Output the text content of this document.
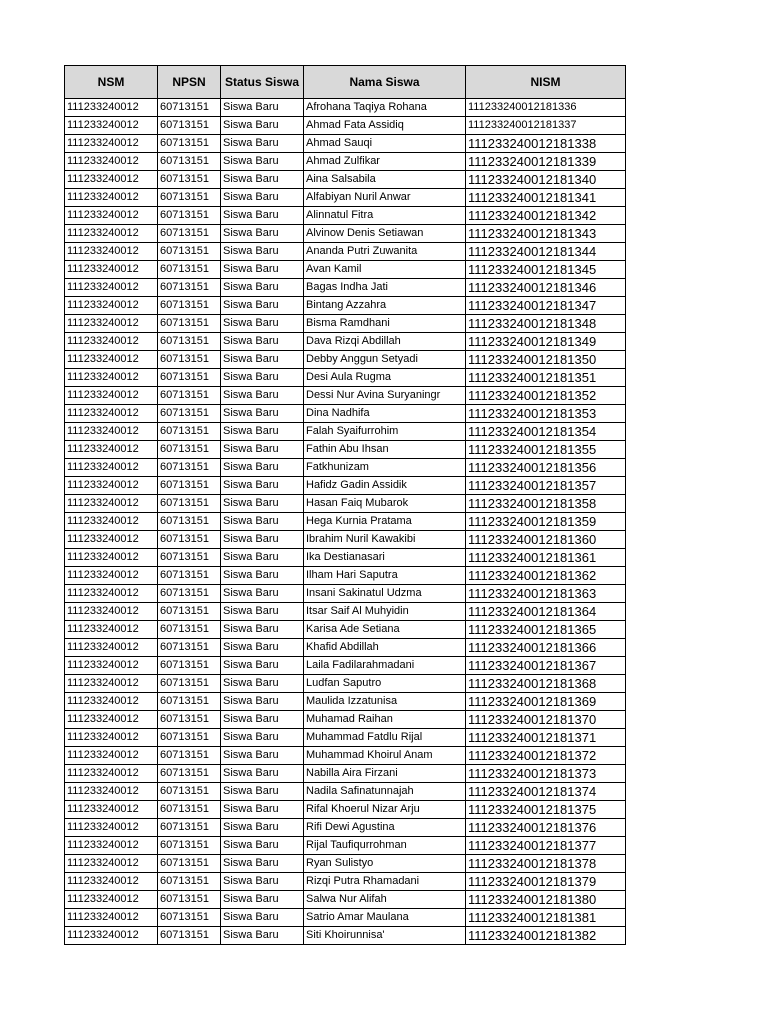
NSM	NPSN	Status Siswa	Nama Siswa	NISM
111233240012	60713151	Siswa Baru	Afrohana Taqiya Rohana	111233240012181336
111233240012	60713151	Siswa Baru	Ahmad Fata Assidiq	111233240012181337
111233240012	60713151	Siswa Baru	Ahmad Sauqi	111233240012181338
111233240012	60713151	Siswa Baru	Ahmad Zulfikar	111233240012181339
111233240012	60713151	Siswa Baru	Aina Salsabila	111233240012181340
111233240012	60713151	Siswa Baru	Alfabiyan Nuril Anwar	111233240012181341
111233240012	60713151	Siswa Baru	Alinnatul Fitra	111233240012181342
111233240012	60713151	Siswa Baru	Alvinow Denis Setiawan	111233240012181343
111233240012	60713151	Siswa Baru	Ananda Putri Zuwanita	111233240012181344
111233240012	60713151	Siswa Baru	Avan Kamil	111233240012181345
111233240012	60713151	Siswa Baru	Bagas Indha Jati	111233240012181346
111233240012	60713151	Siswa Baru	Bintang Azzahra	111233240012181347
111233240012	60713151	Siswa Baru	Bisma Ramdhani	111233240012181348
111233240012	60713151	Siswa Baru	Dava Rizqi Abdillah	111233240012181349
111233240012	60713151	Siswa Baru	Debby Anggun Setyadi	111233240012181350
111233240012	60713151	Siswa Baru	Desi Aula Rugma	111233240012181351
111233240012	60713151	Siswa Baru	Dessi Nur Avina Suryaningr	111233240012181352
111233240012	60713151	Siswa Baru	Dina Nadhifa	111233240012181353
111233240012	60713151	Siswa Baru	Falah Syaifurrohim	111233240012181354
111233240012	60713151	Siswa Baru	Fathin Abu Ihsan	111233240012181355
111233240012	60713151	Siswa Baru	Fatkhunizam	111233240012181356
111233240012	60713151	Siswa Baru	Hafidz Gadin Assidik	111233240012181357
111233240012	60713151	Siswa Baru	Hasan Faiq Mubarok	111233240012181358
111233240012	60713151	Siswa Baru	Hega Kurnia Pratama	111233240012181359
111233240012	60713151	Siswa Baru	Ibrahim Nuril Kawakibi	111233240012181360
111233240012	60713151	Siswa Baru	Ika Destianasari	111233240012181361
111233240012	60713151	Siswa Baru	Ilham Hari Saputra	111233240012181362
111233240012	60713151	Siswa Baru	Insani Sakinatul Udzma	111233240012181363
111233240012	60713151	Siswa Baru	Itsar Saif Al Muhyidin	111233240012181364
111233240012	60713151	Siswa Baru	Karisa Ade Setiana	111233240012181365
111233240012	60713151	Siswa Baru	Khafid Abdillah	111233240012181366
111233240012	60713151	Siswa Baru	Laila Fadilarahmadani	111233240012181367
111233240012	60713151	Siswa Baru	Ludfan Saputro	111233240012181368
111233240012	60713151	Siswa Baru	Maulida Izzatunisa	111233240012181369
111233240012	60713151	Siswa Baru	Muhamad Raihan	111233240012181370
111233240012	60713151	Siswa Baru	Muhammad Fatdlu Rijal	111233240012181371
111233240012	60713151	Siswa Baru	Muhammad Khoirul Anam	111233240012181372
111233240012	60713151	Siswa Baru	Nabilla Aira Firzani	111233240012181373
111233240012	60713151	Siswa Baru	Nadila Safinatunnajah	111233240012181374
111233240012	60713151	Siswa Baru	Rifal Khoerul Nizar Arju	111233240012181375
111233240012	60713151	Siswa Baru	Rifi Dewi Agustina	111233240012181376
111233240012	60713151	Siswa Baru	Rijal Taufiqurrohman	111233240012181377
111233240012	60713151	Siswa Baru	Ryan Sulistyo	111233240012181378
111233240012	60713151	Siswa Baru	Rizqi Putra Rhamadani	111233240012181379
111233240012	60713151	Siswa Baru	Salwa Nur Alifah	111233240012181380
111233240012	60713151	Siswa Baru	Satrio Amar Maulana	111233240012181381
111233240012	60713151	Siswa Baru	Siti Khoirunnisa'	111233240012181382
